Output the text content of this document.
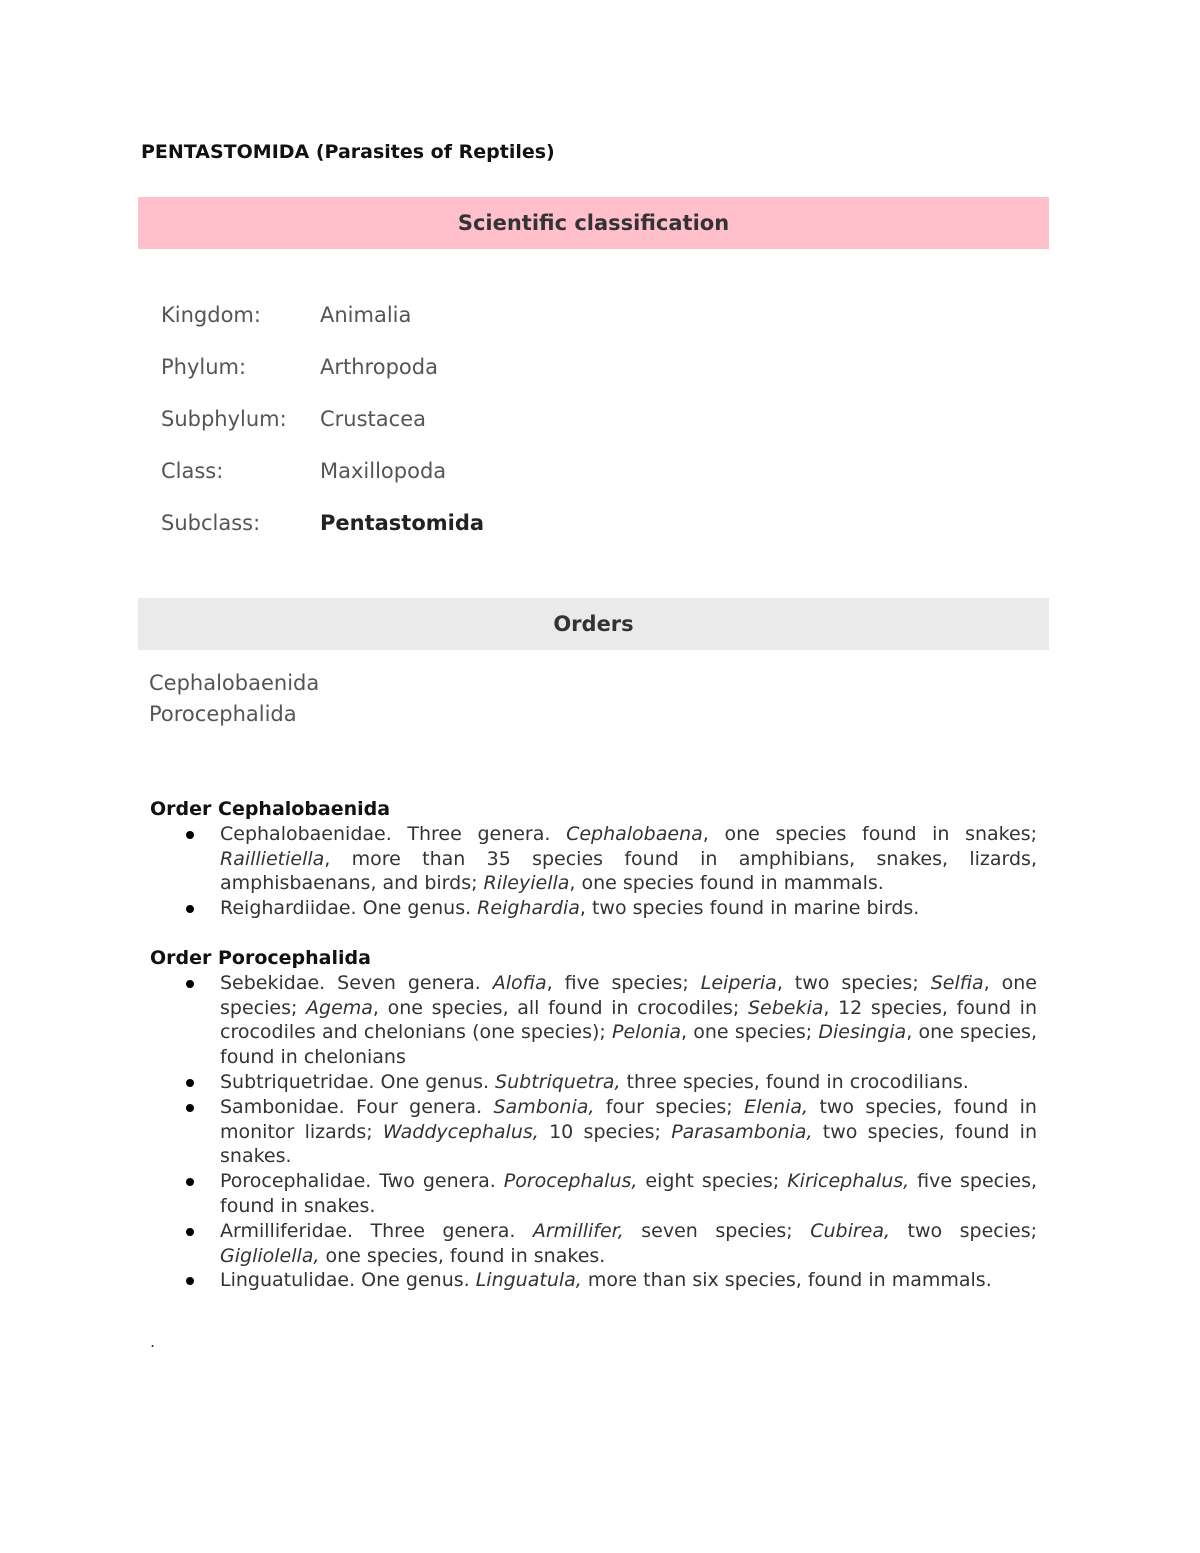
PENTASTOMIDA (Parasites of Reptiles)
Scientific classification
Kingdom:	Animalia
Phylum:	Arthropoda
Subphylum:	Crustacea
Class:	Maxillopoda
Subclass:	Pentastomida
Orders
Cephalobaenida
Porocephalida
Order Cephalobaenida
Cephalobaenidae. Three genera. Cephalobaena, one species found in snakes; Raillietiella, more than 35 species found in amphibians, snakes, lizards, amphisbaenans, and birds; Rileyiella, one species found in mammals.
Reighardiidae. One genus. Reighardia, two species found in marine birds.
Order Porocephalida
Sebekidae. Seven genera. Alofia, five species; Leiperia, two species; Selfia, one species; Agema, one species, all found in crocodiles; Sebekia, 12 species, found in crocodiles and chelonians (one species); Pelonia, one species; Diesingia, one species, found in chelonians
Subtriquetridae. One genus. Subtriquetra, three species, found in crocodilians.
Sambonidae. Four genera. Sambonia, four species; Elenia, two species, found in monitor lizards; Waddycephalus, 10 species; Parasambonia, two species, found in snakes.
Porocephalidae. Two genera. Porocephalus, eight species; Kiricephalus, five species, found in snakes.
Armilliferidae. Three genera. Armillifer, seven species; Cubirea, two species; Gigliolella, one species, found in snakes.
Linguatulidae. One genus. Linguatula, more than six species, found in mammals.
.
